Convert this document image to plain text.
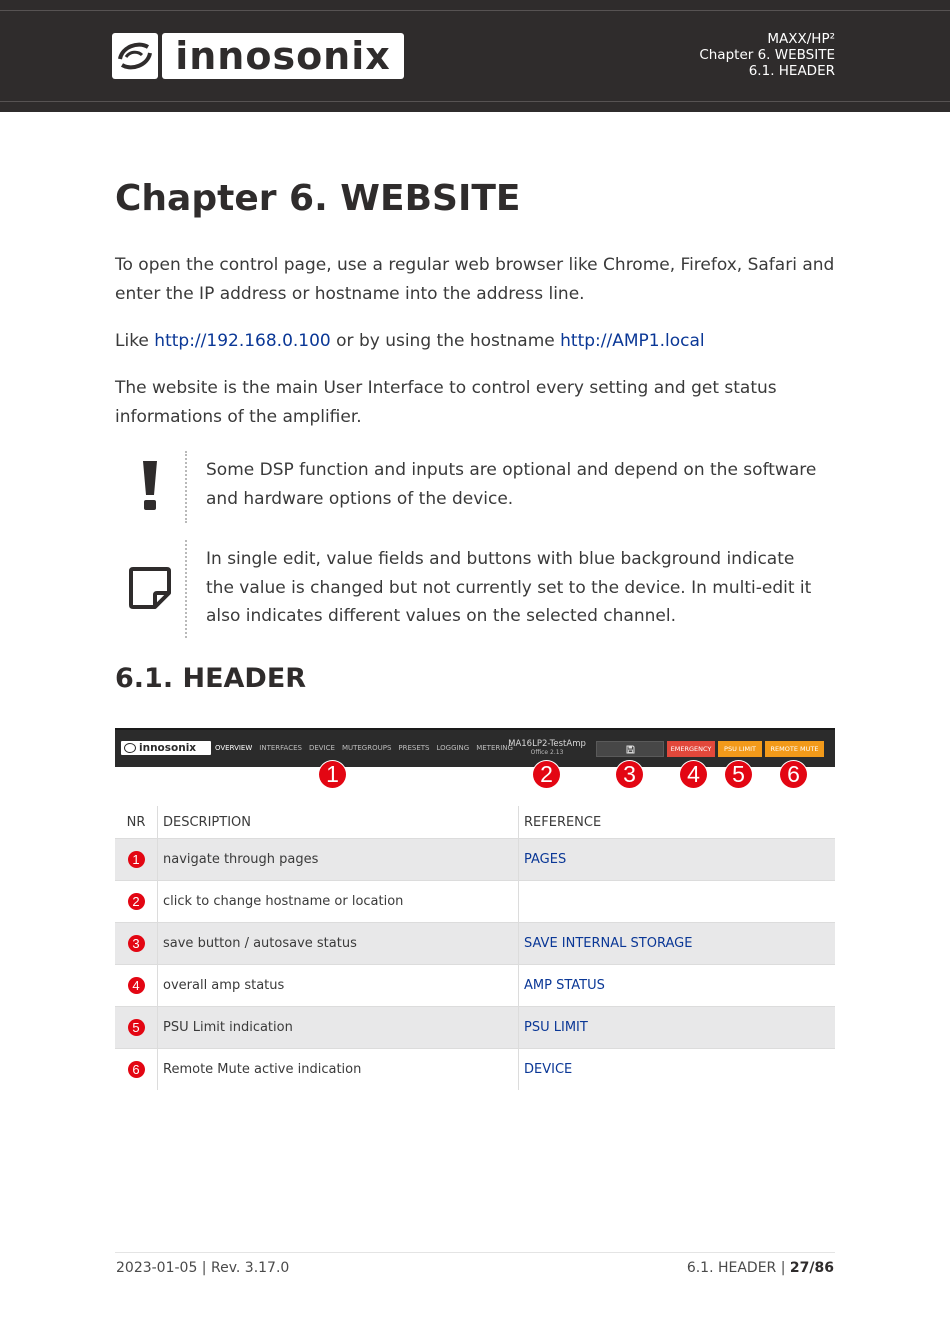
innosonix	MAXX/HP²
Chapter 6. WEBSITE
6.1. HEADER
Chapter 6. WEBSITE

To open the control page, use a regular web browser like Chrome, Firefox, Safari and enter the IP address or hostname into the address line.

Like http://192.168.0.100 or by using the hostname http://AMP1.local

The website is the main User Interface to control every setting and get status informations of the amplifier.

Some DSP function and inputs are optional and depend on the software and hardware options of the device.

In single edit, value fields and buttons with blue background indicate the value is changed but not currently set to the device. In multi-edit it also indicates different values on the selected channel.

6.1. HEADER
innosonix	OVERVIEW INTERFACES DEVICE MUTEGROUPS PRESETS LOGGING METERING
MA16LP2-TestAmp
Office 2.13	EMERGENCY	PSU LIMIT	REMOTE MUTE
1	2	3	4	5	6
NR	DESCRIPTION	REFERENCE
1	navigate through pages	PAGES
2	click to change hostname or location	
3	save button / autosave status	SAVE INTERNAL STORAGE
4	overall amp status	AMP STATUS
5	PSU Limit indication	PSU LIMIT
6	Remote Mute active indication	DEVICE
2023-01-05 | Rev. 3.17.0	6.1. HEADER | 27/86
